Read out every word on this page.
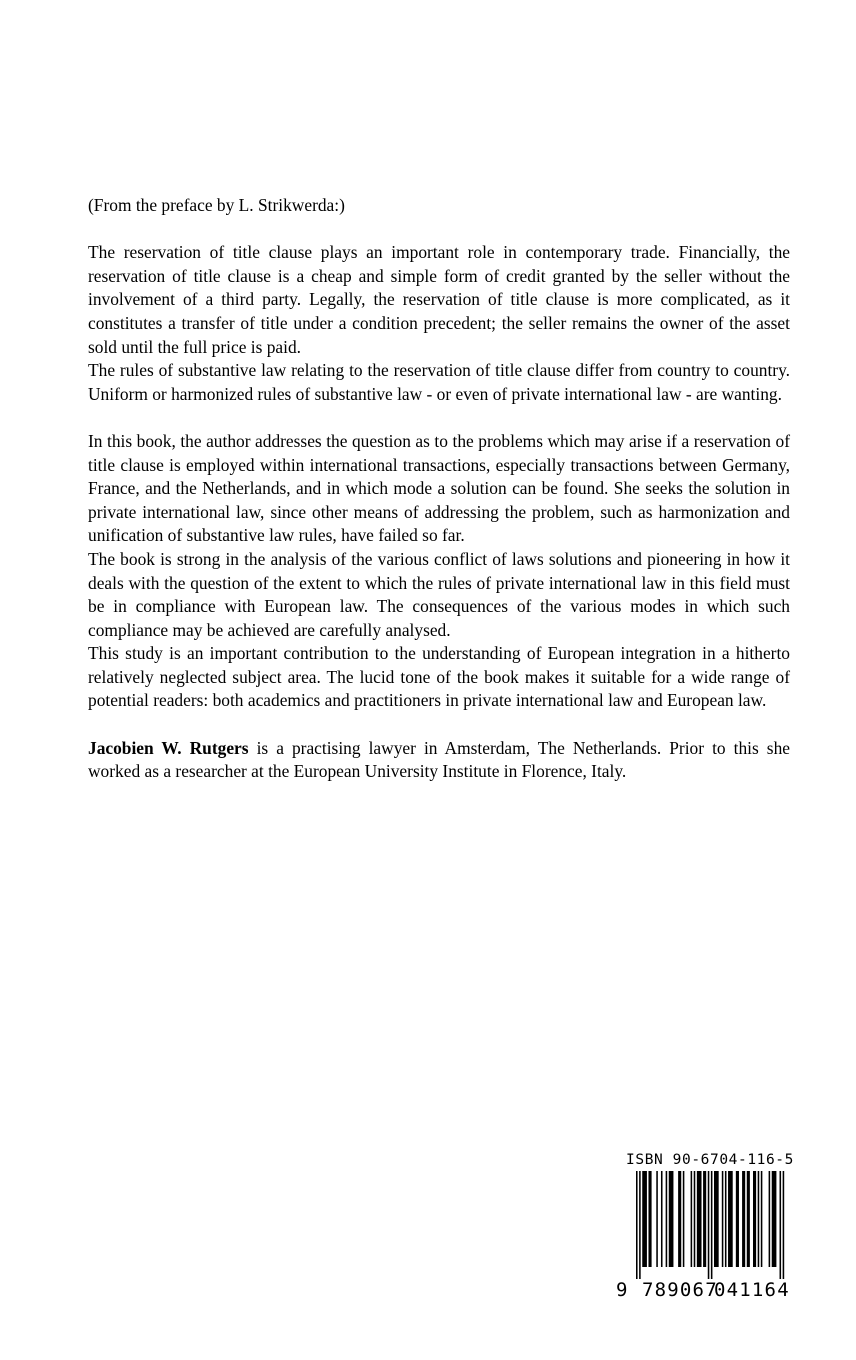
(From the preface by L. Strikwerda:)

The reservation of title clause plays an important role in contemporary trade. Financially, the reservation of title clause is a cheap and simple form of credit granted by the seller without the involvement of a third party. Legally, the reservation of title clause is more complicated, as it constitutes a transfer of title under a condition precedent; the seller remains the owner of the asset sold until the full price is paid.

The rules of substantive law relating to the reservation of title clause differ from country to country. Uniform or harmonized rules of substantive law - or even of private international law - are wanting.

In this book, the author addresses the question as to the problems which may arise if a reservation of title clause is employed within international transactions, especially transactions between Germany, France, and the Netherlands, and in which mode a solution can be found. She seeks the solution in private international law, since other means of addressing the problem, such as harmonization and unification of substantive law rules, have failed so far.

The book is strong in the analysis of the various conflict of laws solutions and pioneering in how it deals with the question of the extent to which the rules of private international law in this field must be in compliance with European law. The consequences of the various modes in which such compliance may be achieved are carefully analysed.

This study is an important contribution to the understanding of European integration in a hitherto relatively neglected subject area. The lucid tone of the book makes it suitable for a wide range of potential readers: both academics and practitioners in private international law and European law.

Jacobien W. Rutgers is a practising lawyer in Amsterdam, The Netherlands. Prior to this she worked as a researcher at the European University Institute in Florence, Italy.

ISBN 90-6704-116-5
9 789067
041164
